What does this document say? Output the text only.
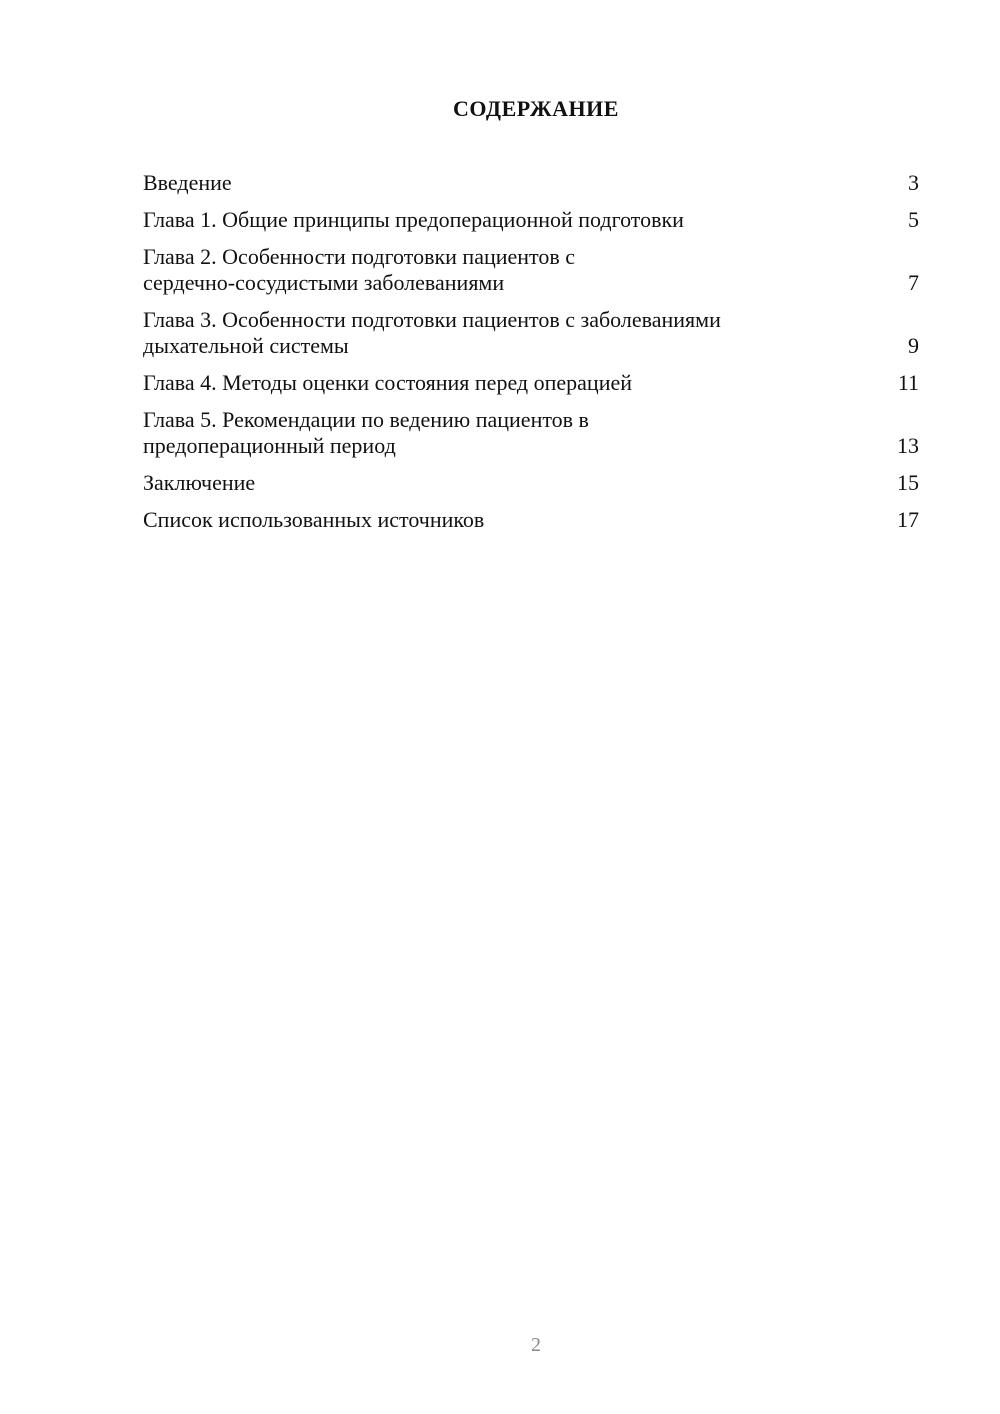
СОДЕРЖАНИЕ
Введение	3
Глава 1. Общие принципы предоперационной подготовки	5
Глава 2. Особенности подготовки пациентов с
сердечно-сосудистыми заболеваниями	7
Глава 3. Особенности подготовки пациентов с заболеваниями
дыхательной системы	9
Глава 4. Методы оценки состояния перед операцией	11
Глава 5. Рекомендации по ведению пациентов в
предоперационный период	13
Заключение	15
Список использованных источников	17
2
